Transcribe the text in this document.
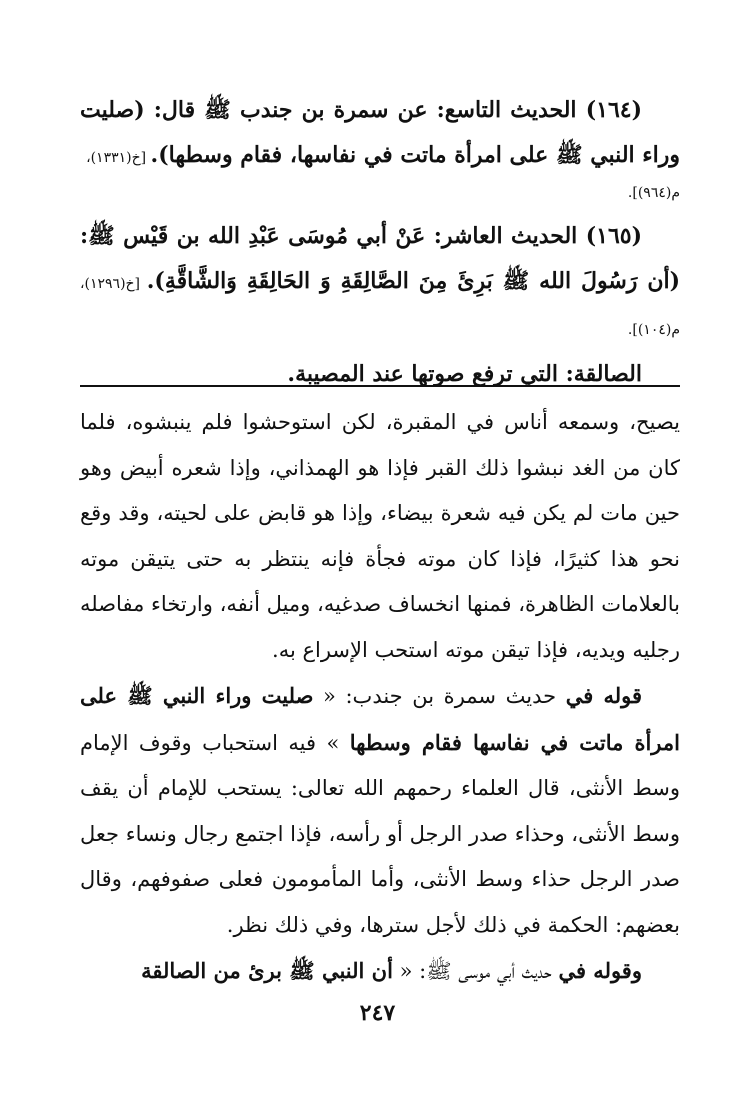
(١٦٤) الحديث التاسع: عن سمرة بن جندب ﷺ قال: (صليت وراء النبي ﷺ على امرأة ماتت في نفاسها، فقام وسطها). [خ(١٣٣١)،

م(٩٦٤)].

(١٦٥) الحديث العاشر: عَنْ أبي مُوسَى عَبْدِ الله بن قَيْس ﷺ: (أن رَسُولَ الله ﷺ بَرِئَ مِنَ الصَّالِقَةِ وَ الحَالِقَةِ وَالشَّاقَّةِ). [خ(١٢٩٦)، م(١٠٤)].

الصالقة: التي ترفع صوتها عند المصيبة.

يصيح، وسمعه أناس في المقبرة، لكن استوحشوا فلم ينبشوه، فلما كان من الغد نبشوا ذلك القبر فإذا هو الهمذاني، وإذا شعره أبيض وهو حين مات لم يكن فيه شعرة بيضاء، وإذا هو قابض على لحيته، وقد وقع نحو هذا كثيرًا، فإذا كان موته فجأة فإنه ينتظر به حتى يتيقن موته بالعلامات الظاهرة، فمنها انخساف صدغيه، وميل أنفه، وارتخاء مفاصله رجليه ويديه، فإذا تيقن موته استحب الإسراع به.

قوله في حديث سمرة بن جندب: « صليت وراء النبي ﷺ على امرأة ماتت في نفاسها فقام وسطها » فيه استحباب وقوف الإمام وسط الأنثى، قال العلماء رحمهم الله تعالى: يستحب للإمام أن يقف وسط الأنثى، وحذاء صدر الرجل أو رأسه، فإذا اجتمع رجال ونساء جعل صدر الرجل حذاء وسط الأنثى، وأما المأمومون فعلى صفوفهم، وقال بعضهم: الحكمة في ذلك لأجل سترها، وفي ذلك نظر.

وقوله في حديث أبي موسى ﷺ: « أن النبي ﷺ برئ من الصالقة

٢٤٧
